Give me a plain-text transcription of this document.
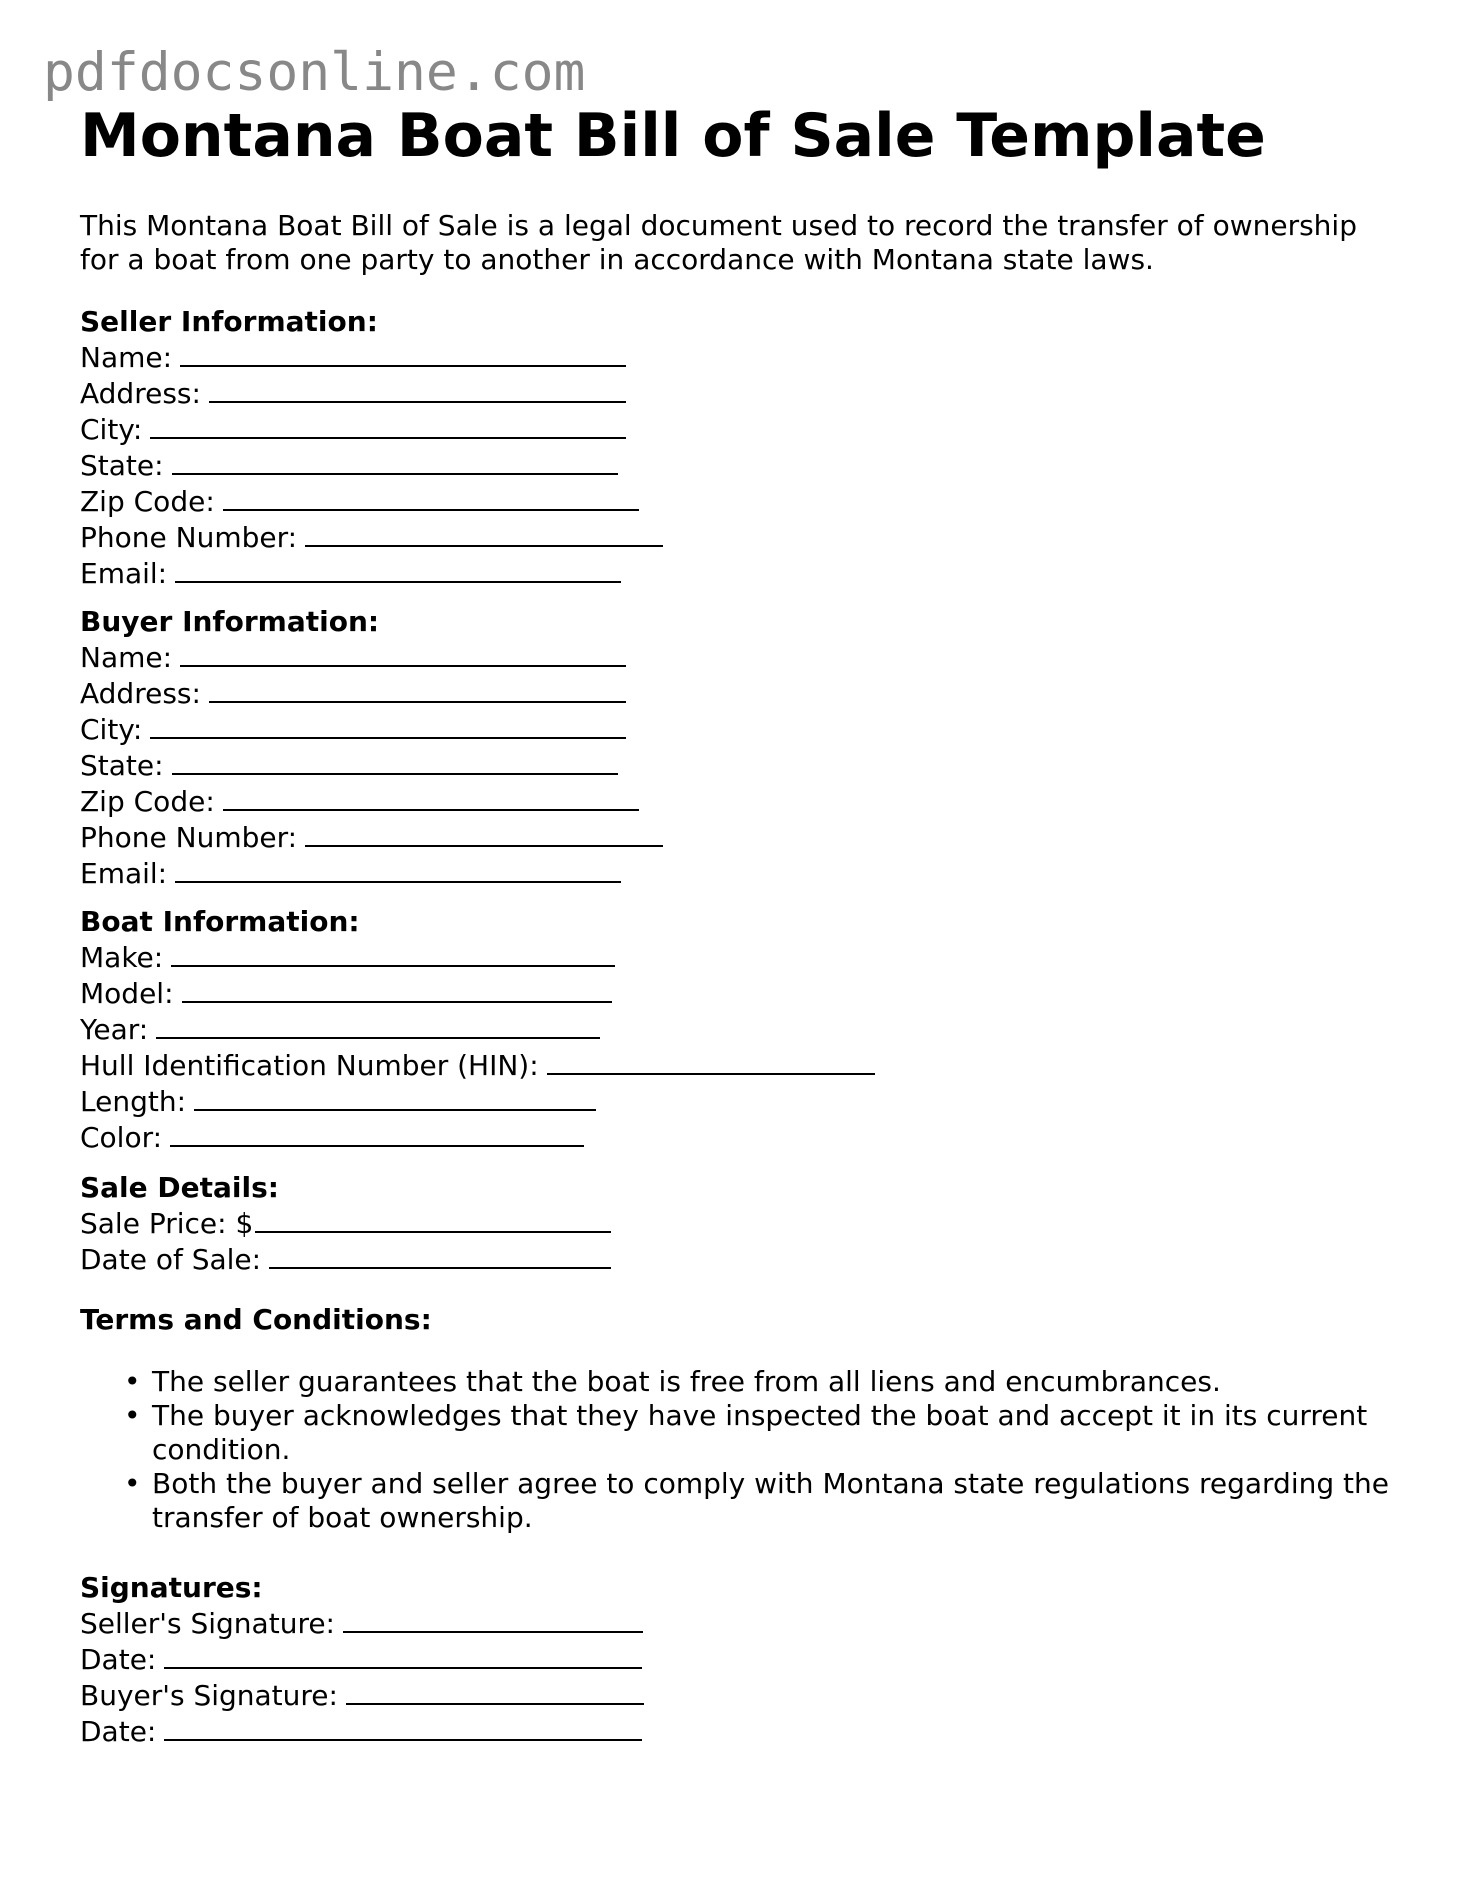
pdfdocsonline.com
Montana Boat Bill of Sale Template

This Montana Boat Bill of Sale is a legal document used to record the transfer of ownership for a boat from one party to another in accordance with Montana state laws.

Seller Information:

Name:

Address:

City:

State:

Zip Code:

Phone Number:

Email:

Buyer Information:

Name:

Address:

City:

State:

Zip Code:

Phone Number:

Email:

Boat Information:

Make:

Model:

Year:

Hull Identification Number (HIN):

Length:

Color:

Sale Details:

Sale Price: $

Date of Sale:

Terms and Conditions:

• The seller guarantees that the boat is free from all liens and encumbrances.
• The buyer acknowledges that they have inspected the boat and accept it in its current condition.
• Both the buyer and seller agree to comply with Montana state regulations regarding the transfer of boat ownership.

Signatures:

Seller's Signature:

Date:

Buyer's Signature:

Date:
